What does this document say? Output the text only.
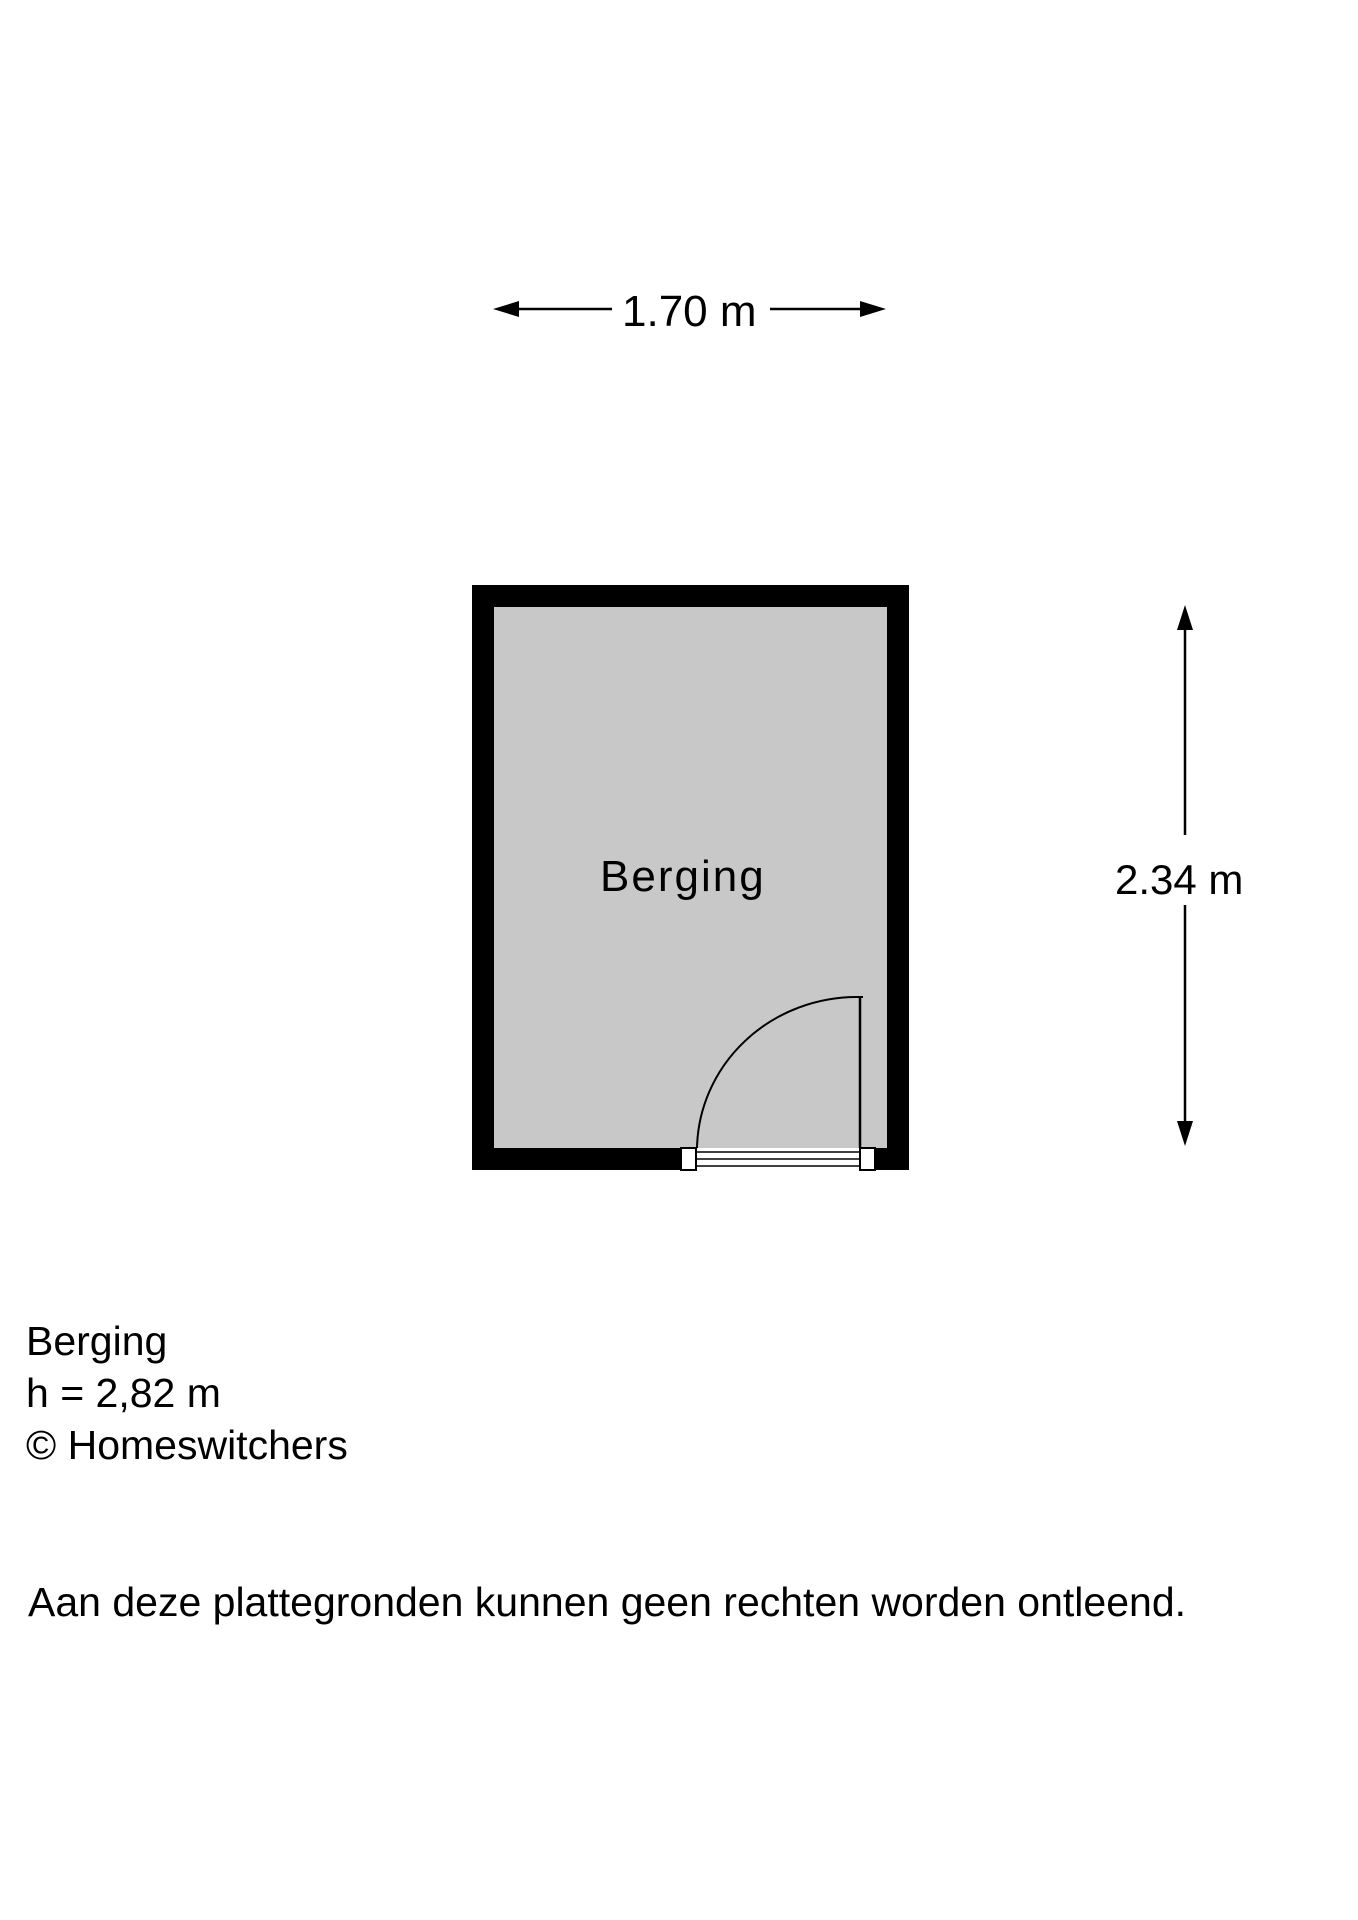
1.70 m
2.34 m
Berging
Berging
h = 2,82 m
© Homeswitchers
Aan deze plattegronden kunnen geen rechten worden ontleend.
